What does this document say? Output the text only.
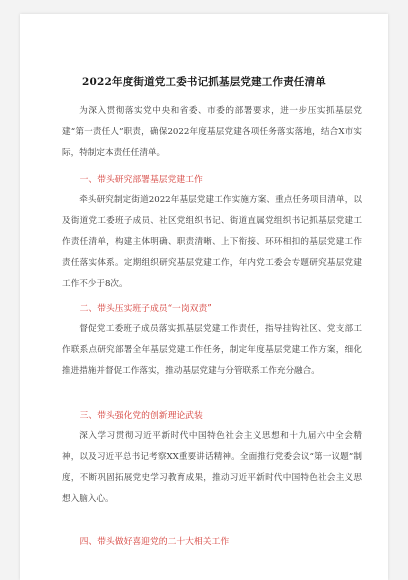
2022年度街道党工委书记抓基层党建工作责任清单

为深入贯彻落实党中央和省委、市委的部署要求，进一步压实抓基层党建“第一责任人”职责，确保2022年度基层党建各项任务落实落地，结合X市实际，特制定本责任任清单。

一、带头研究部署基层党建工作

牵头研究制定街道2022年基层党建工作实施方案、重点任务项目清单，以及街道党工委班子成员、社区党组织书记、街道直属党组织书记抓基层党建工作责任清单，构建主体明确、职责清晰、上下衔接、环环相扣的基层党建工作责任落实体系。定期组织研究基层党建工作，年内党工委会专题研究基层党建工作不少于8次。

二、带头压实班子成员“一岗双责”

督促党工委班子成员落实抓基层党建工作责任，指导挂钩社区、党支部工作联系点研究部署全年基层党建工作任务，制定年度基层党建工作方案，细化推进措施并督促工作落实，推动基层党建与分管联系工作充分融合。

三、带头强化党的创新理论武装

深入学习贯彻习近平新时代中国特色社会主义思想和十九届六中全会精神，以及习近平总书记考察XX重要讲话精神。全面推行党委会议“第一议题”制度，不断巩固拓展党史学习教育成果，推动习近平新时代中国特色社会主义思想入脑入心。

四、带头做好喜迎党的二十大相关工作
